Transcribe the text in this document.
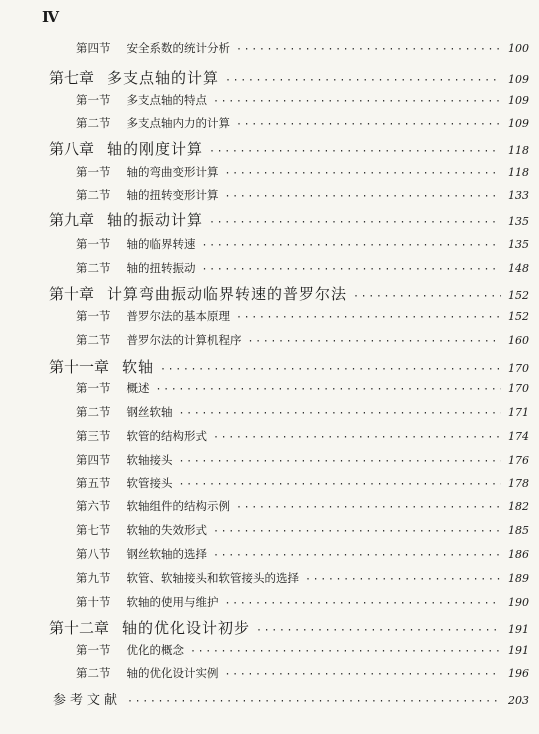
Ⅳ
第四节 安全系数的统计分析 ·····	100
第七章 多支点轴的计算 ·····	109
第一节 多支点轴的特点 ·····	109
第二节 多支点轴内力的计算 ·····	109
第八章 轴的刚度计算 ·····	118
第一节 轴的弯曲变形计算 ·····	118
第二节 轴的扭转变形计算 ·····	133
第九章 轴的振动计算 ·····	135
第一节 轴的临界转速 ·····	135
第二节 轴的扭转振动 ·····	148
第十章 计算弯曲振动临界转速的普罗尔法 ·····	152
第一节 普罗尔法的基本原理 ·····	152
第二节 普罗尔法的计算机程序 ·····	160
第十一章 软轴 ·····	170
第一节 概述 ·····	170
第二节 钢丝软轴 ·····	171
第三节 软管的结构形式 ·····	174
第四节 软轴接头 ·····	176
第五节 软管接头 ·····	178
第六节 软轴组件的结构示例 ·····	182
第七节 软轴的失效形式 ·····	185
第八节 钢丝软轴的选择 ·····	186
第九节 软管、软轴接头和软管接头的选择 ·····	189
第十节 软轴的使用与维护 ·····	190
第十二章 轴的优化设计初步 ·····	191
第一节 优化的概念 ·····	191
第二节 轴的优化设计实例 ·····	196
参考文献 ·····	203
